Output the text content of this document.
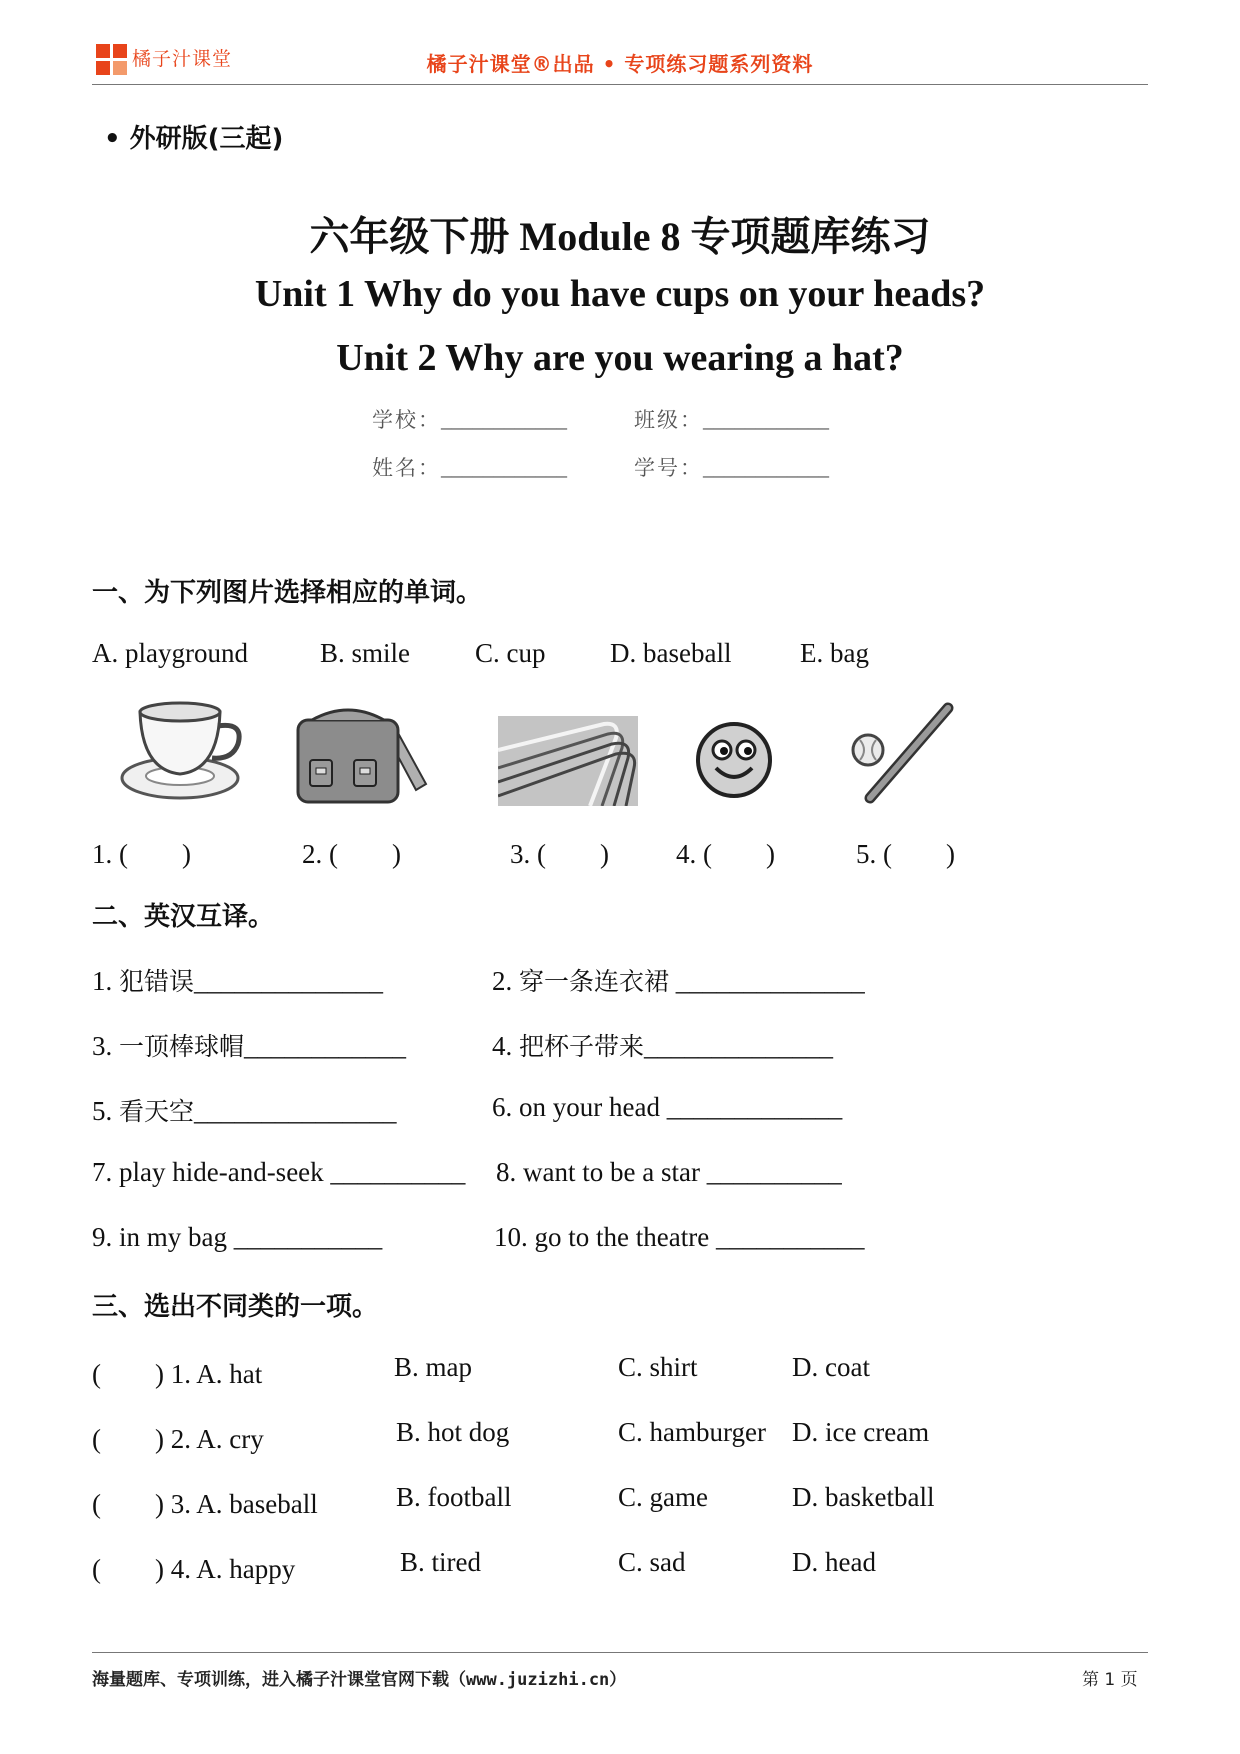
橘子汁课堂	橘子汁课堂®出品 • 专项练习题系列资料
• 外研版(三起)
六年级下册 Module 8 专项题库练习
Unit 1 Why do you have cups on your heads?
Unit 2 Why are you wearing a hat?
学校：____________	班级：____________
姓名：____________	学号：____________
一、为下列图片选择相应的单词。
A. playground	B. smile C. cup D. baseball	E. bag
1. (　　)	2. (　　)	3. (　　) 4. (　　)	5. (　　)
二、英汉互译。
1. 犯错误______________	2. 穿一条连衣裙 ______________
3. 一顶棒球帽____________	4. 把杯子带来______________
5. 看天空_______________	6. on your head _____________
7. play hide-and-seek __________ 8. want to be a star __________
9. in my bag ___________	10. go to the theatre ___________
三、选出不同类的一项。
(　　) 1. A. hat	B. map	C. shirt	D. coat
(　　) 2. A. cry	B. hot dog	C. hamburger D. ice cream
(　　) 3. A. baseball	B. football	C. game	D. basketball
(　　) 4. A. happy	B. tired	C. sad	D. head
海量题库、专项训练，进入橘子汁课堂官网下载（www.juzizhi.cn）	第 1 页
